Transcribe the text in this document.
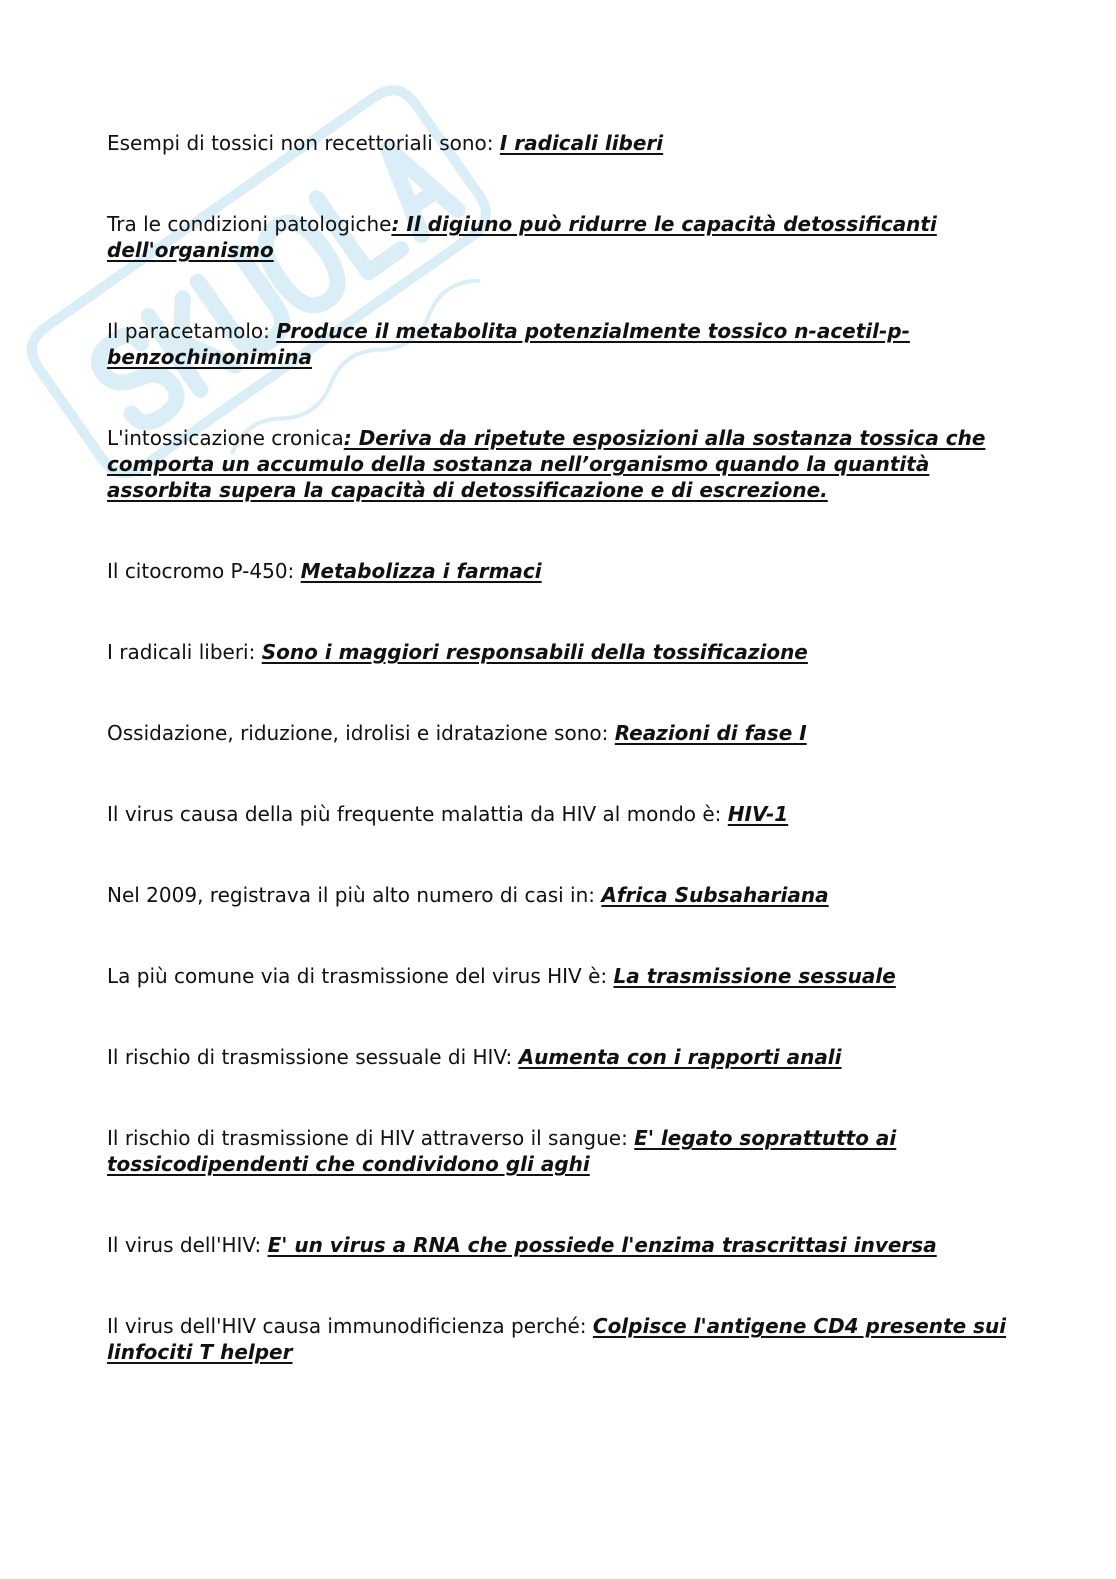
Esempi di tossici non recettoriali sono: I radicali liberi

Tra le condizioni patologiche: Il digiuno può ridurre le capacità detossificanti dell'organismo

Il paracetamolo: Produce il metabolita potenzialmente tossico n-acetil-p-benzochinonimina

L'intossicazione cronica: Deriva da ripetute esposizioni alla sostanza tossica che comporta un accumulo della sostanza nell’organismo quando la quantità assorbita supera la capacità di detossificazione e di escrezione.

Il citocromo P-450: Metabolizza i farmaci

I radicali liberi: Sono i maggiori responsabili della tossificazione

Ossidazione, riduzione, idrolisi e idratazione sono: Reazioni di fase I

Il virus causa della più frequente malattia da HIV al mondo è: HIV-1

Nel 2009, registrava il più alto numero di casi in: Africa Subsahariana

La più comune via di trasmissione del virus HIV è: La trasmissione sessuale

Il rischio di trasmissione sessuale di HIV: Aumenta con i rapporti anali

Il rischio di trasmissione di HIV attraverso il sangue: E' legato soprattutto ai tossicodipendenti che condividono gli aghi

Il virus dell'HIV: E' un virus a RNA che possiede l'enzima trascrittasi inversa

Il virus dell'HIV causa immunodificienza perché: Colpisce l'antigene CD4 presente sui linfociti T helper
